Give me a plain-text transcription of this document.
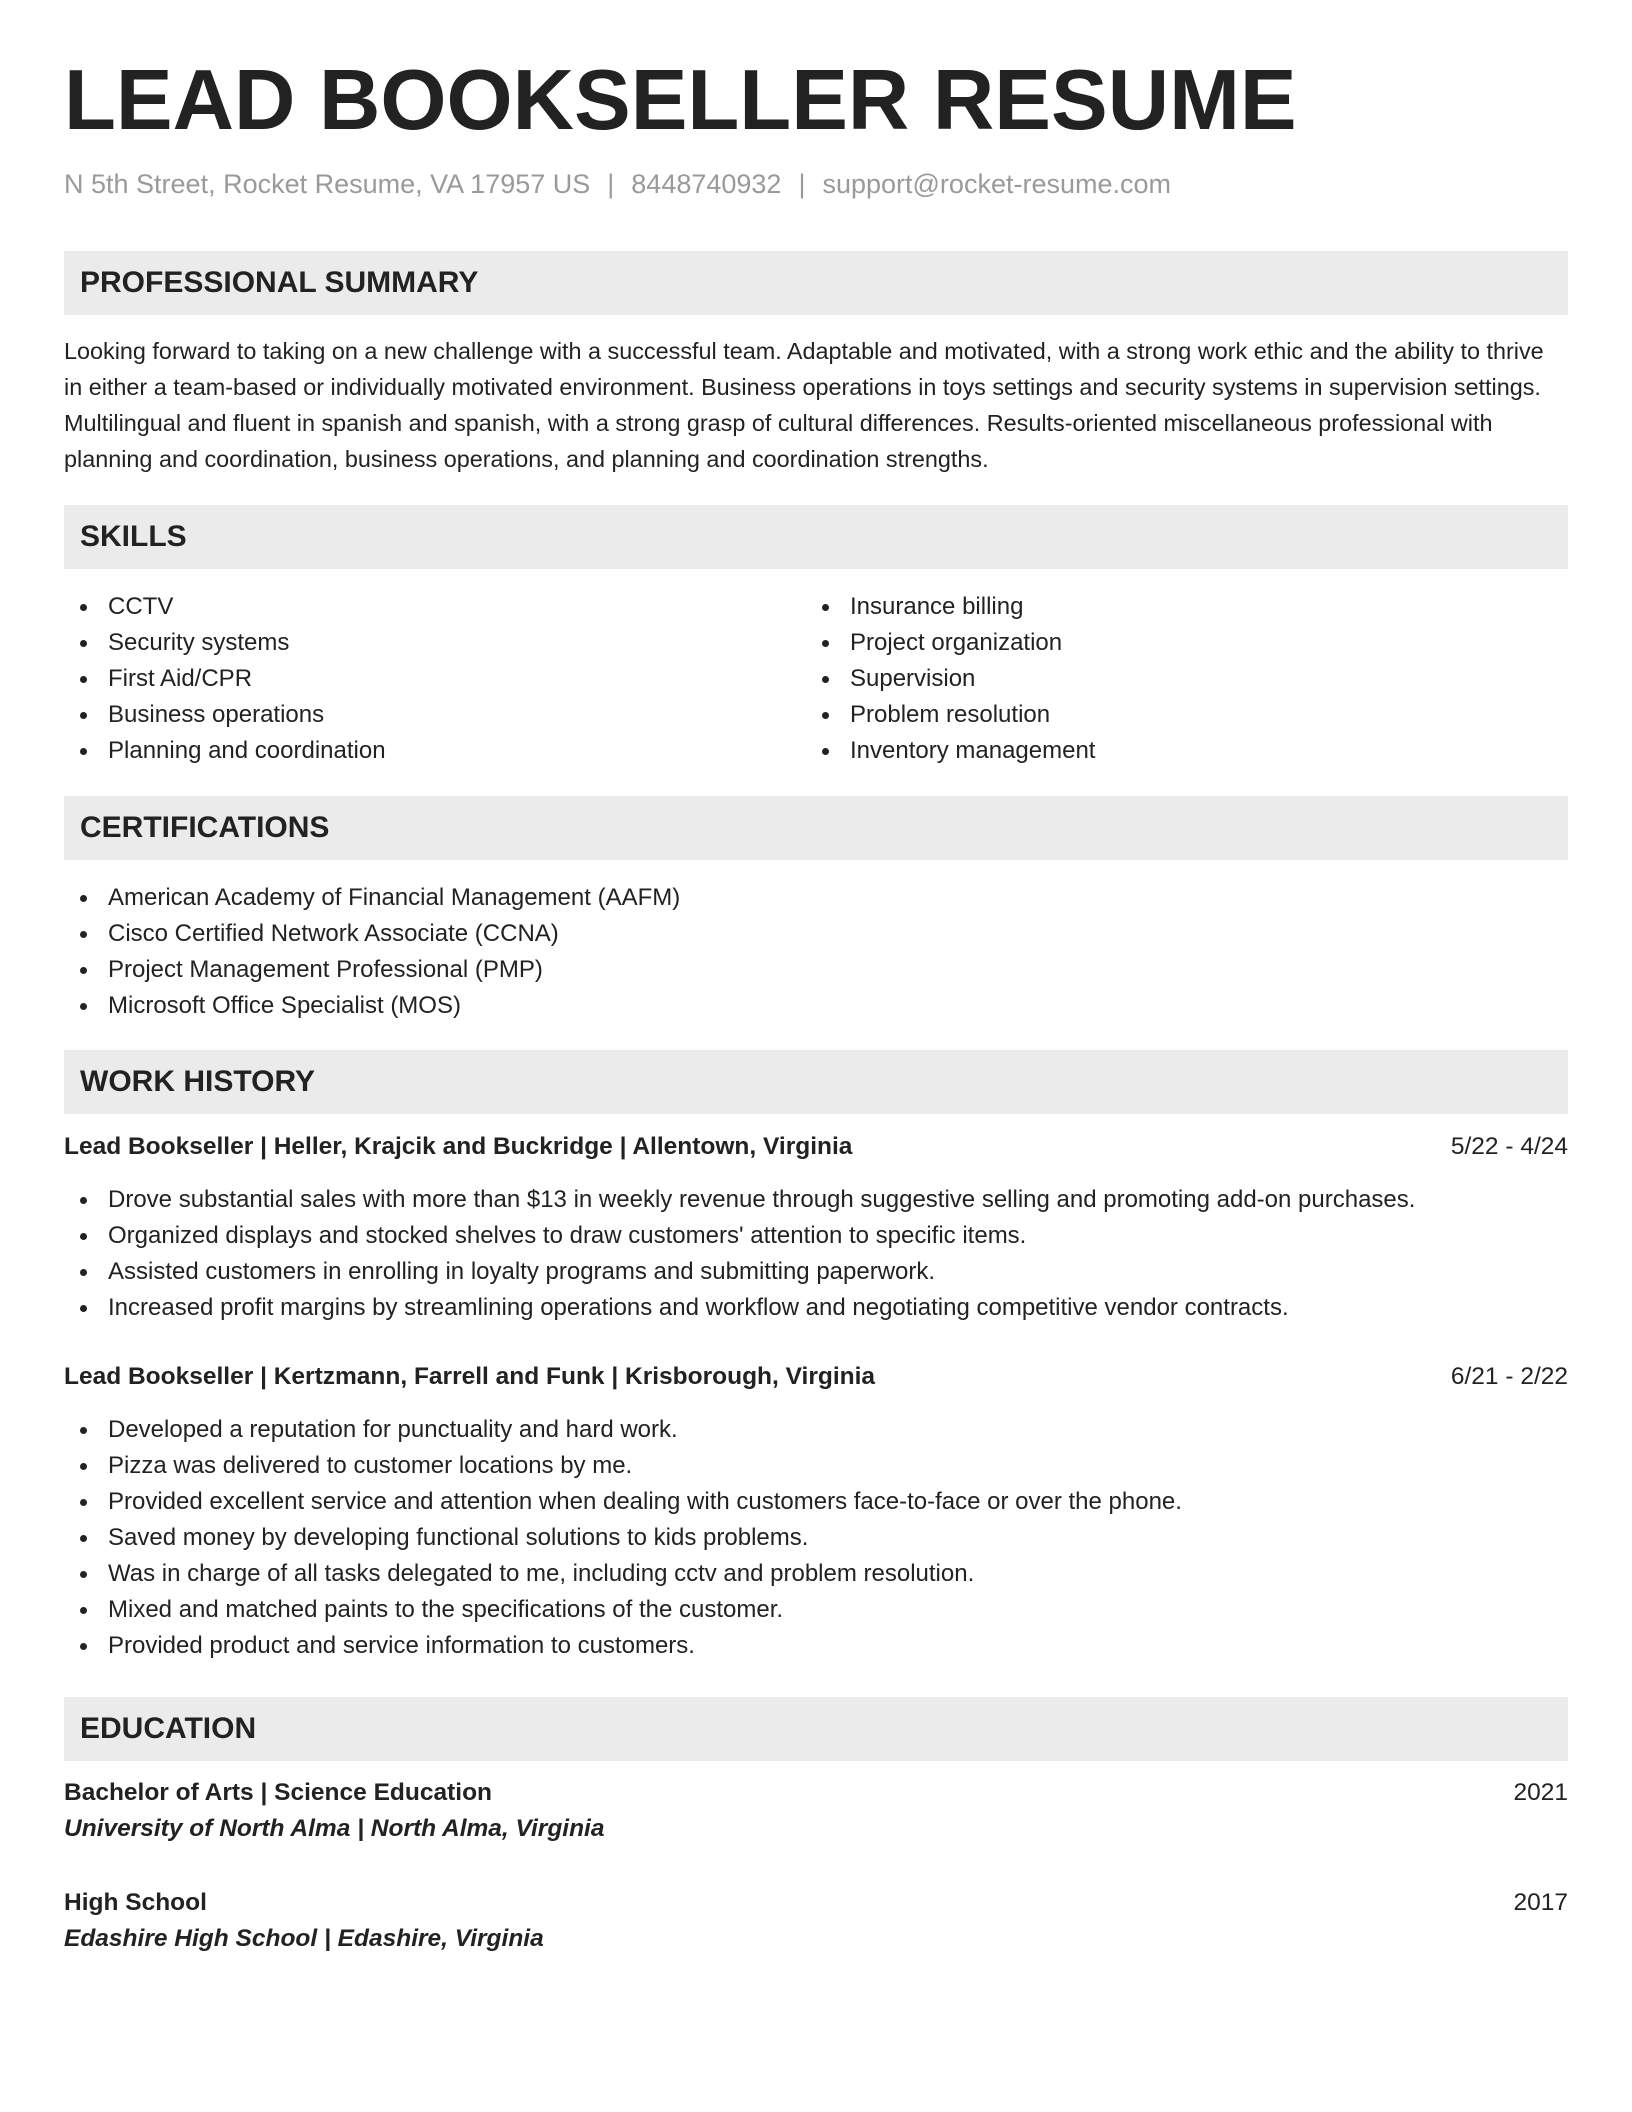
LEAD BOOKSELLER RESUME
N 5th Street, Rocket Resume, VA 17957 US | 8448740932 | support@rocket-resume.com
PROFESSIONAL SUMMARY

Looking forward to taking on a new challenge with a successful team. Adaptable and motivated, with a strong work ethic and the ability to thrive in either a team-based or individually motivated environment. Business operations in toys settings and security systems in supervision settings. Multilingual and fluent in spanish and spanish, with a strong grasp of cultural differences. Results-oriented miscellaneous professional with planning and coordination, business operations, and planning and coordination strengths.

SKILLS
CCTV
Security systems
First Aid/CPR
Business operations
Planning and coordination
Insurance billing
Project organization
Supervision
Problem resolution
Inventory management
CERTIFICATIONS
American Academy of Financial Management (AAFM)
Cisco Certified Network Associate (CCNA)
Project Management Professional (PMP)
Microsoft Office Specialist (MOS)
WORK HISTORY
Lead Bookseller | Heller, Krajcik and Buckridge | Allentown, Virginia	5/22 - 4/24
Drove substantial sales with more than $13 in weekly revenue through suggestive selling and promoting add-on purchases.
Organized displays and stocked shelves to draw customers' attention to specific items.
Assisted customers in enrolling in loyalty programs and submitting paperwork.
Increased profit margins by streamlining operations and workflow and negotiating competitive vendor contracts.
Lead Bookseller | Kertzmann, Farrell and Funk | Krisborough, Virginia	6/21 - 2/22
Developed a reputation for punctuality and hard work.
Pizza was delivered to customer locations by me.
Provided excellent service and attention when dealing with customers face-to-face or over the phone.
Saved money by developing functional solutions to kids problems.
Was in charge of all tasks delegated to me, including cctv and problem resolution.
Mixed and matched paints to the specifications of the customer.
Provided product and service information to customers.
EDUCATION
Bachelor of Arts | Science Education	2021
University of North Alma | North Alma, Virginia
High School	2017
Edashire High School | Edashire, Virginia
